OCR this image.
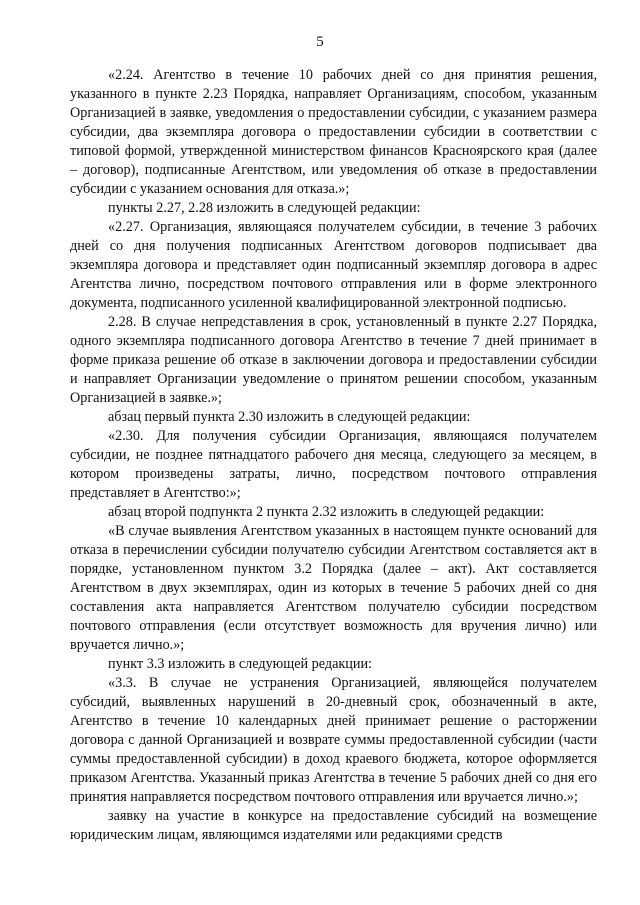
5

«2.24. Агентство в течение 10 рабочих дней со дня принятия решения, указанного в пункте 2.23 Порядка, направляет Организациям, способом, указанным Организацией в заявке, уведомления о предоставлении субсидии, с указанием размера субсидии, два экземпляра договора о предоставлении субсидии в соответствии с типовой формой, утвержденной министерством финансов Красноярского края (далее – договор), подписанные Агентством, или уведомления об отказе в предоставлении субсидии с указанием основания для отказа.»;

пункты 2.27, 2.28 изложить в следующей редакции:

«2.27. Организация, являющаяся получателем субсидии, в течение 3 рабочих дней со дня получения подписанных Агентством договоров подписывает два экземпляра договора и представляет один подписанный экземпляр договора в адрес Агентства лично, посредством почтового отправления или в форме электронного документа, подписанного усиленной квалифицированной электронной подписью.

2.28. В случае непредставления в срок, установленный в пункте 2.27 Порядка, одного экземпляра подписанного договора Агентство в течение 7 дней принимает в форме приказа решение об отказе в заключении договора и предоставлении субсидии и направляет Организации уведомление о принятом решении способом, указанным Организацией в заявке.»;

абзац первый пункта 2.30 изложить в следующей редакции:

«2.30. Для получения субсидии Организация, являющаяся получателем субсидии, не позднее пятнадцатого рабочего дня месяца, следующего за месяцем, в котором произведены затраты, лично, посредством почтового отправления представляет в Агентство:»;

абзац второй подпункта 2 пункта 2.32 изложить в следующей редакции:

«В случае выявления Агентством указанных в настоящем пункте оснований для отказа в перечислении субсидии получателю субсидии Агентством составляется акт в порядке, установленном пунктом 3.2 Порядка (далее – акт). Акт составляется Агентством в двух экземплярах, один из которых в течение 5 рабочих дней со дня составления акта направляется Агентством получателю субсидии посредством почтового отправления (если отсутствует возможность для вручения лично) или вручается лично.»;

пункт 3.3 изложить в следующей редакции:

«3.3. В случае не устранения Организацией, являющейся получателем субсидий, выявленных нарушений в 20-дневный срок, обозначенный в акте, Агентство в течение 10 календарных дней принимает решение о расторжении договора с данной Организацией и возврате суммы предоставленной субсидии (части суммы предоставленной субсидии) в доход краевого бюджета, которое оформляется приказом Агентства. Указанный приказ Агентства в течение 5 рабочих дней со дня его принятия направляется посредством почтового отправления или вручается лично.»;

заявку на участие в конкурсе на предоставление субсидий на возмещение юридическим лицам, являющимся издателями или редакциями средств
